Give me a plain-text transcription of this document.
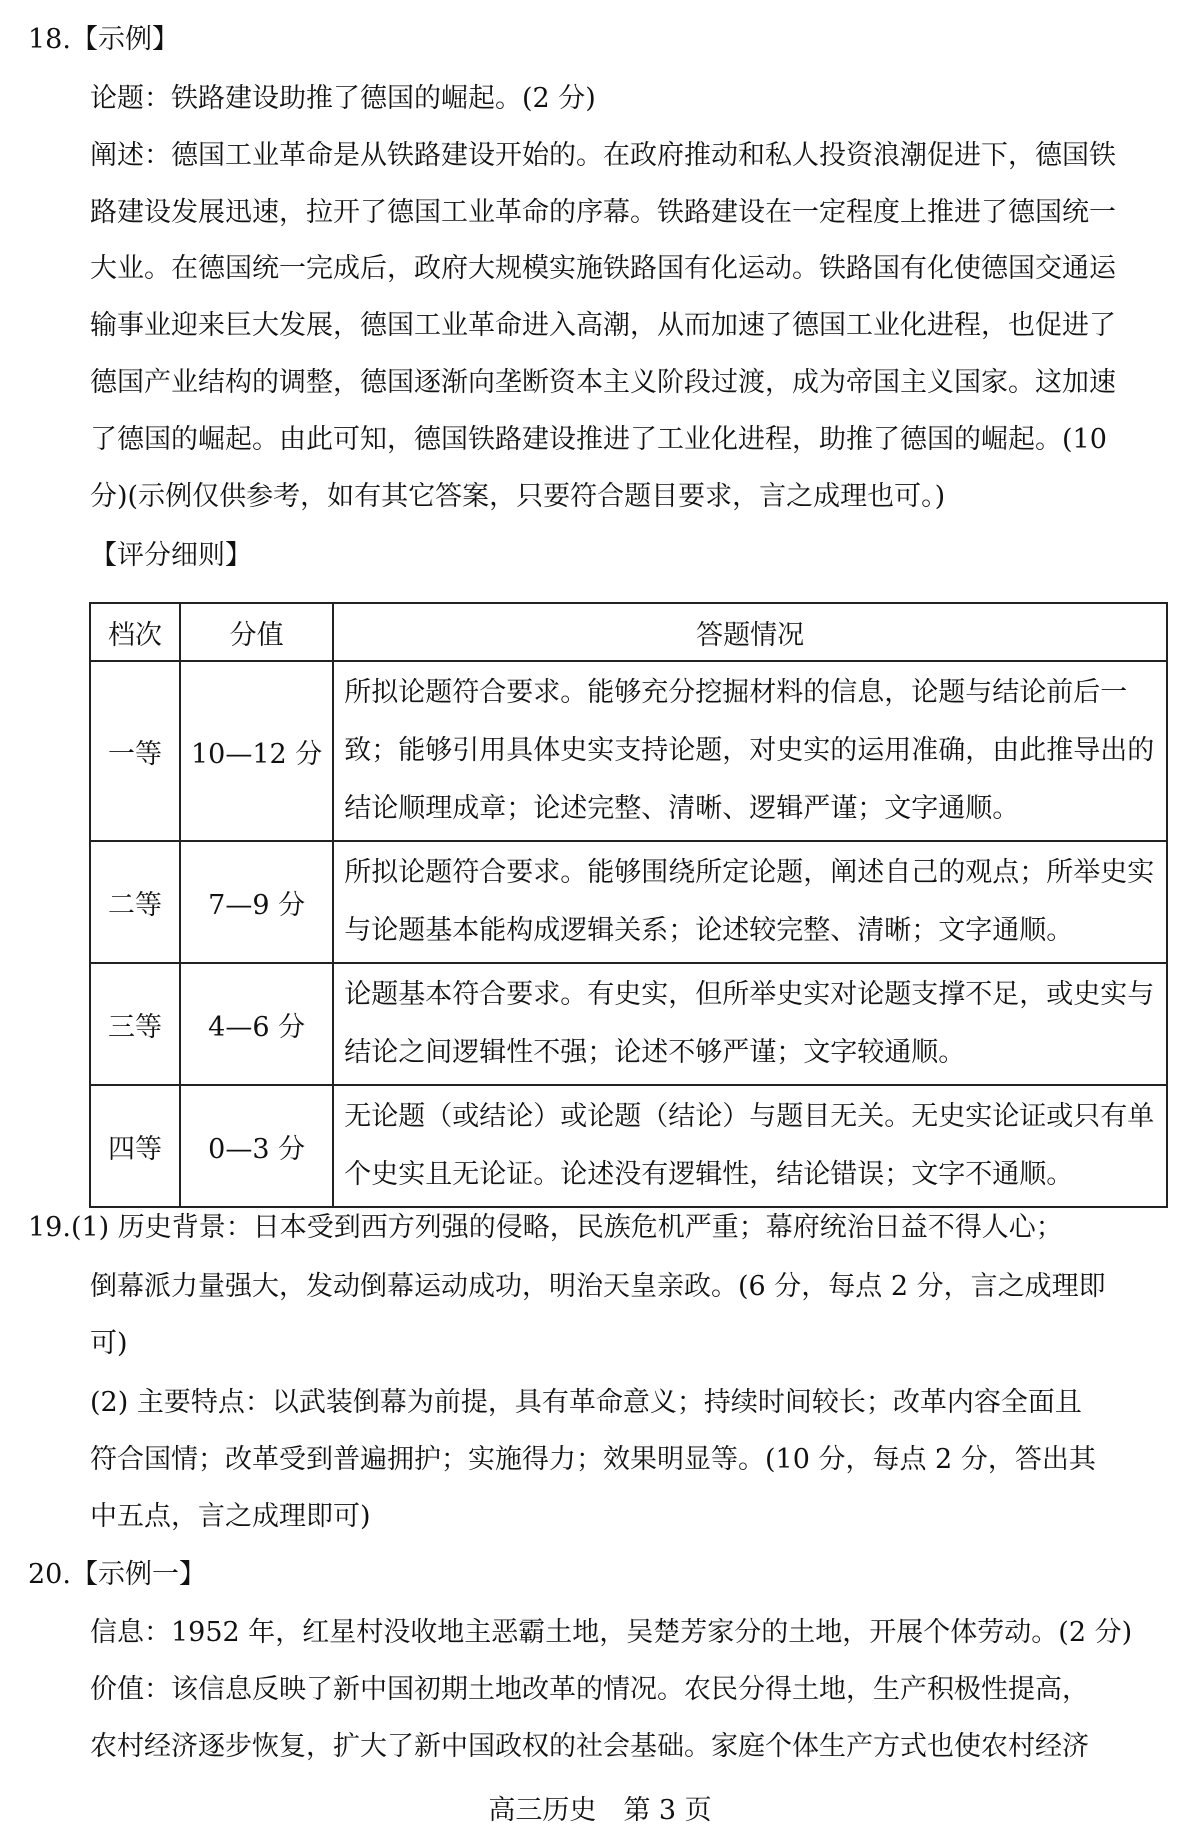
18.【示例】
论题：铁路建设助推了德国的崛起。(2 分)
阐述：德国工业革命是从铁路建设开始的。在政府推动和私人投资浪潮促进下，德国铁
路建设发展迅速，拉开了德国工业革命的序幕。铁路建设在一定程度上推进了德国统一
大业。在德国统一完成后，政府大规模实施铁路国有化运动。铁路国有化使德国交通运
输事业迎来巨大发展，德国工业革命进入高潮，从而加速了德国工业化进程，也促进了
德国产业结构的调整，德国逐渐向垄断资本主义阶段过渡，成为帝国主义国家。这加速
了德国的崛起。由此可知，德国铁路建设推进了工业化进程，助推了德国的崛起。(10
分)(示例仅供参考，如有其它答案，只要符合题目要求，言之成理也可。)
【评分细则】
档次	分值	答题情况
一等	10—12 分	所拟论题符合要求。能够充分挖掘材料的信息，论题与结论前后一致；能够引用具体史实支持论题，对史实的运用准确，由此推导出的结论顺理成章；论述完整、清晰、逻辑严谨；文字通顺。
二等	7—9 分	所拟论题符合要求。能够围绕所定论题，阐述自己的观点；所举史实与论题基本能构成逻辑关系；论述较完整、清晰；文字通顺。
三等	4—6 分	论题基本符合要求。有史实，但所举史实对论题支撑不足，或史实与结论之间逻辑性不强；论述不够严谨；文字较通顺。
四等	0—3 分	无论题（或结论）或论题（结论）与题目无关。无史实论证或只有单个史实且无论证。论述没有逻辑性，结论错误；文字不通顺。
19.(1) 历史背景：日本受到西方列强的侵略，民族危机严重；幕府统治日益不得人心；
倒幕派力量强大，发动倒幕运动成功，明治天皇亲政。(6 分，每点 2 分，言之成理即
可)
(2) 主要特点：以武装倒幕为前提，具有革命意义；持续时间较长；改革内容全面且
符合国情；改革受到普遍拥护；实施得力；效果明显等。(10 分，每点 2 分，答出其
中五点，言之成理即可)
20.【示例一】
信息：1952 年，红星村没收地主恶霸土地，吴楚芳家分的土地，开展个体劳动。(2 分)
价值：该信息反映了新中国初期土地改革的情况。农民分得土地，生产积极性提高，
农村经济逐步恢复，扩大了新中国政权的社会基础。家庭个体生产方式也使农村经济
高三历史　第 3 页
